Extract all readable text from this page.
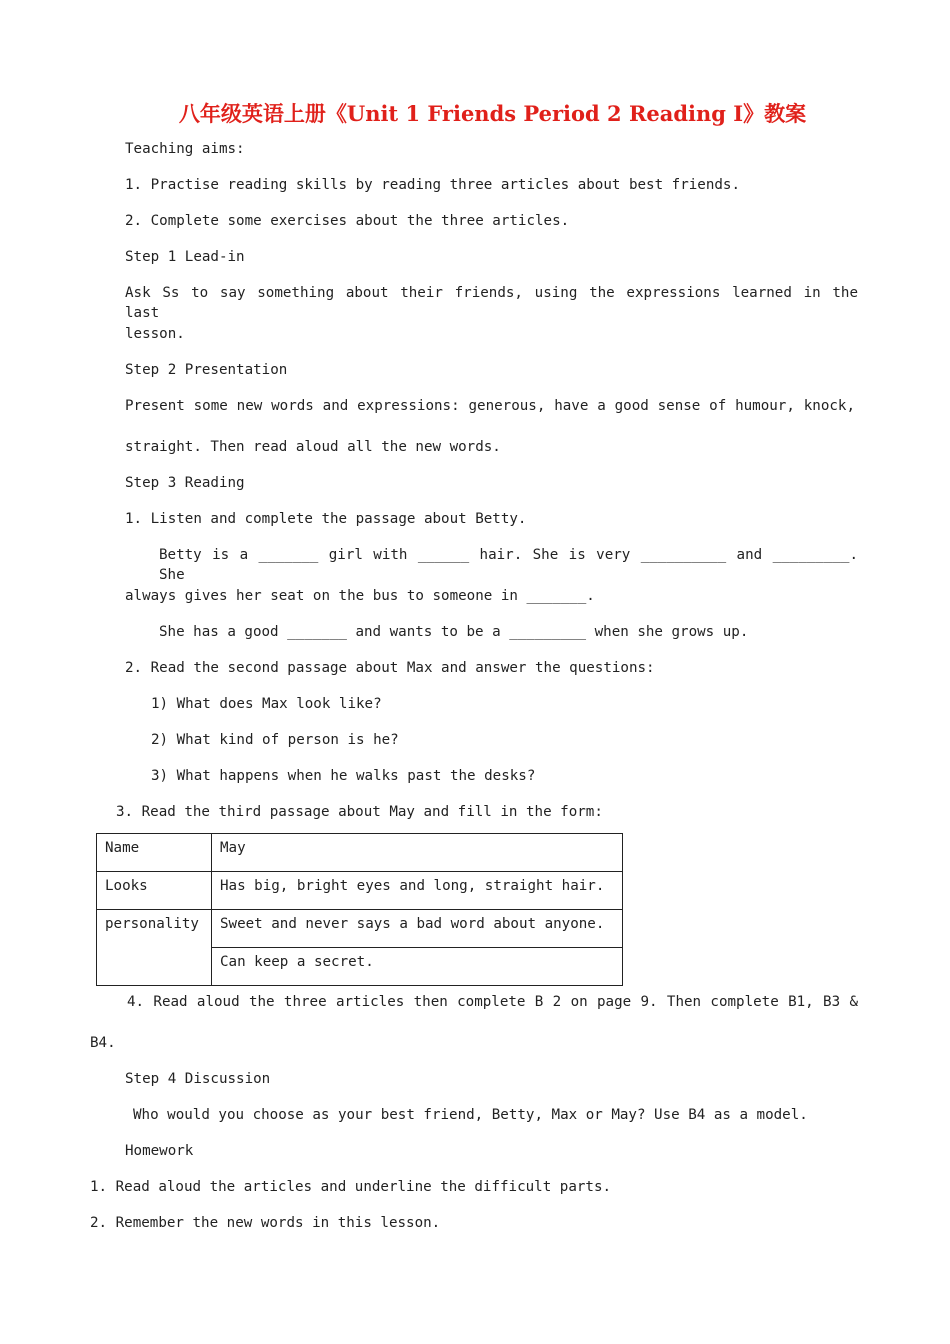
八年级英语上册《Unit 1 Friends Period 2 Reading I》教案
Teaching aims:
1. Practise reading skills by reading three articles about best friends.
2. Complete some exercises about the three articles.
Step 1 Lead-in
Ask Ss to say something about their friends, using the expressions learned in the last
lesson.
Step 2 Presentation
Present some new words and expressions: generous, have a good sense of humour, knock,
straight. Then read aloud all the new words.
Step 3 Reading
1. Listen and complete the passage about Betty.
Betty is a _______ girl with ______ hair. She is very __________ and _________. She
always gives her seat on the bus to someone in _______.
She has a good _______ and wants to be a _________ when she grows up.
2. Read the second passage about Max and answer the questions:
1) What does Max look like?
2) What kind of person is he?
3) What happens when he walks past the desks?
3. Read the third passage about May and fill in the form:
Name	May
Looks	Has big, bright eyes and long, straight hair.
personality	Sweet and never says a bad word about anyone.
	Can keep a secret.
4. Read aloud the three articles then complete B 2 on page 9. Then complete B1, B3 &
B4.
Step 4 Discussion
Who would you choose as your best friend, Betty, Max or May? Use B4 as a model.
Homework
1. Read aloud the articles and underline the difficult parts.
2. Remember the new words in this lesson.
